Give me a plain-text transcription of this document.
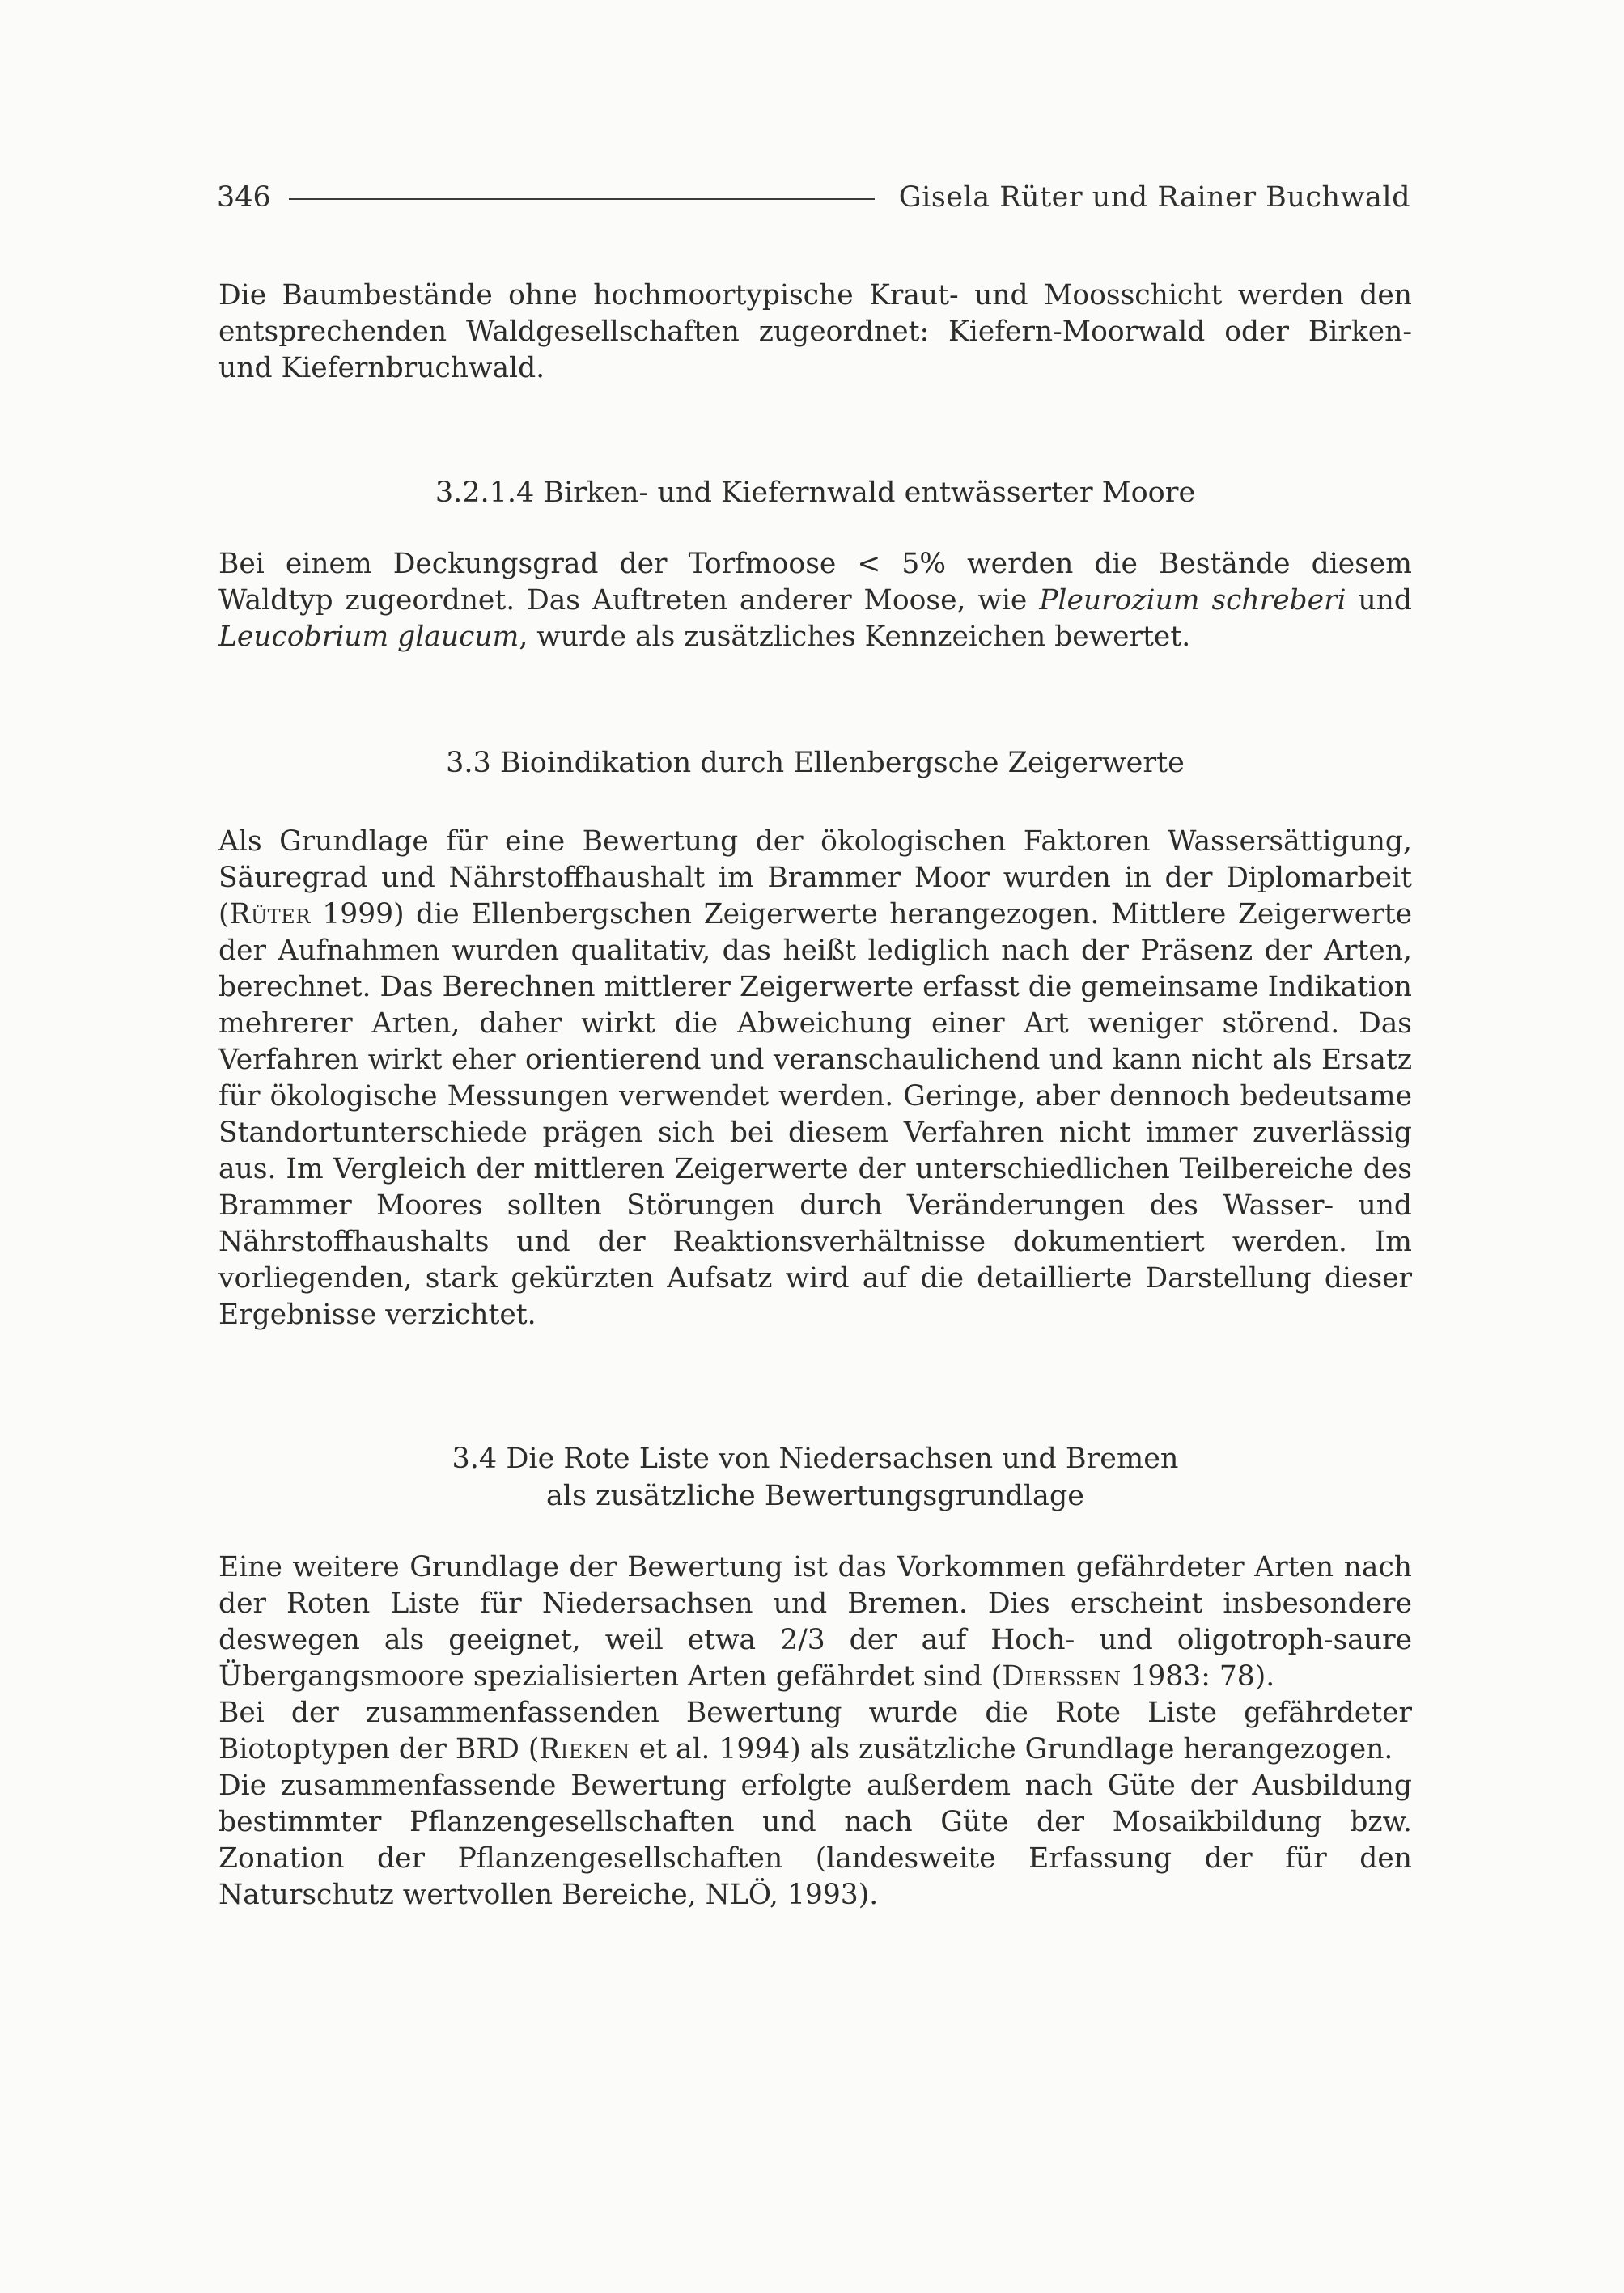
346	Gisela Rüter und Rainer Buchwald

Die Baumbestände ohne hochmoortypische Kraut- und Moosschicht werden den entsprechenden Waldgesellschaften zugeordnet: Kiefern-Moorwald oder Birken- und Kiefernbruchwald.

3.2.1.4 Birken- und Kiefernwald entwässerter Moore

Bei einem Deckungsgrad der Torfmoose < 5% werden die Bestände diesem Waldtyp zugeordnet. Das Auftreten anderer Moose, wie Pleurozium schreberi und Leucobrium glaucum, wurde als zusätzliches Kennzeichen bewertet.

3.3 Bioindikation durch Ellenbergsche Zeigerwerte

Als Grundlage für eine Bewertung der ökologischen Faktoren Wassersättigung, Säuregrad und Nährstoffhaushalt im Brammer Moor wurden in der Diplomarbeit (Rüter 1999) die Ellenbergschen Zeigerwerte herangezogen. Mittlere Zeigerwerte der Aufnahmen wurden qualitativ, das heißt lediglich nach der Präsenz der Arten, berechnet. Das Berechnen mittlerer Zeigerwerte erfasst die gemeinsame Indikation mehrerer Arten, daher wirkt die Abweichung einer Art weniger störend. Das Verfahren wirkt eher orientierend und veranschaulichend und kann nicht als Ersatz für ökologische Messungen verwendet werden. Geringe, aber dennoch bedeutsame Standortunterschiede prägen sich bei diesem Verfahren nicht immer zuverlässig aus. Im Vergleich der mittleren Zeigerwerte der unterschiedlichen Teilbereiche des Brammer Moores sollten Störungen durch Veränderungen des Wasser- und Nährstoffhaushalts und der Reaktionsverhältnisse dokumentiert werden. Im vorliegenden, stark gekürzten Aufsatz wird auf die detaillierte Darstellung dieser Ergebnisse verzichtet.

3.4 Die Rote Liste von Niedersachsen und Bremen
als zusätzliche Bewertungsgrundlage

Eine weitere Grundlage der Bewertung ist das Vorkommen gefährdeter Arten nach der Roten Liste für Niedersachsen und Bremen. Dies erscheint insbesondere deswegen als geeignet, weil etwa 2/3 der auf Hoch- und oligotroph-saure Übergangsmoore spezialisierten Arten gefährdet sind (Dierßen 1983: 78).

Bei der zusammenfassenden Bewertung wurde die Rote Liste gefährdeter Biotoptypen der BRD (Rieken et al. 1994) als zusätzliche Grundlage herangezogen.

Die zusammenfassende Bewertung erfolgte außerdem nach Güte der Ausbildung bestimmter Pflanzengesellschaften und nach Güte der Mosaikbildung bzw. Zonation der Pflanzengesellschaften (landesweite Erfassung der für den Naturschutz wertvollen Bereiche, NLÖ, 1993).
